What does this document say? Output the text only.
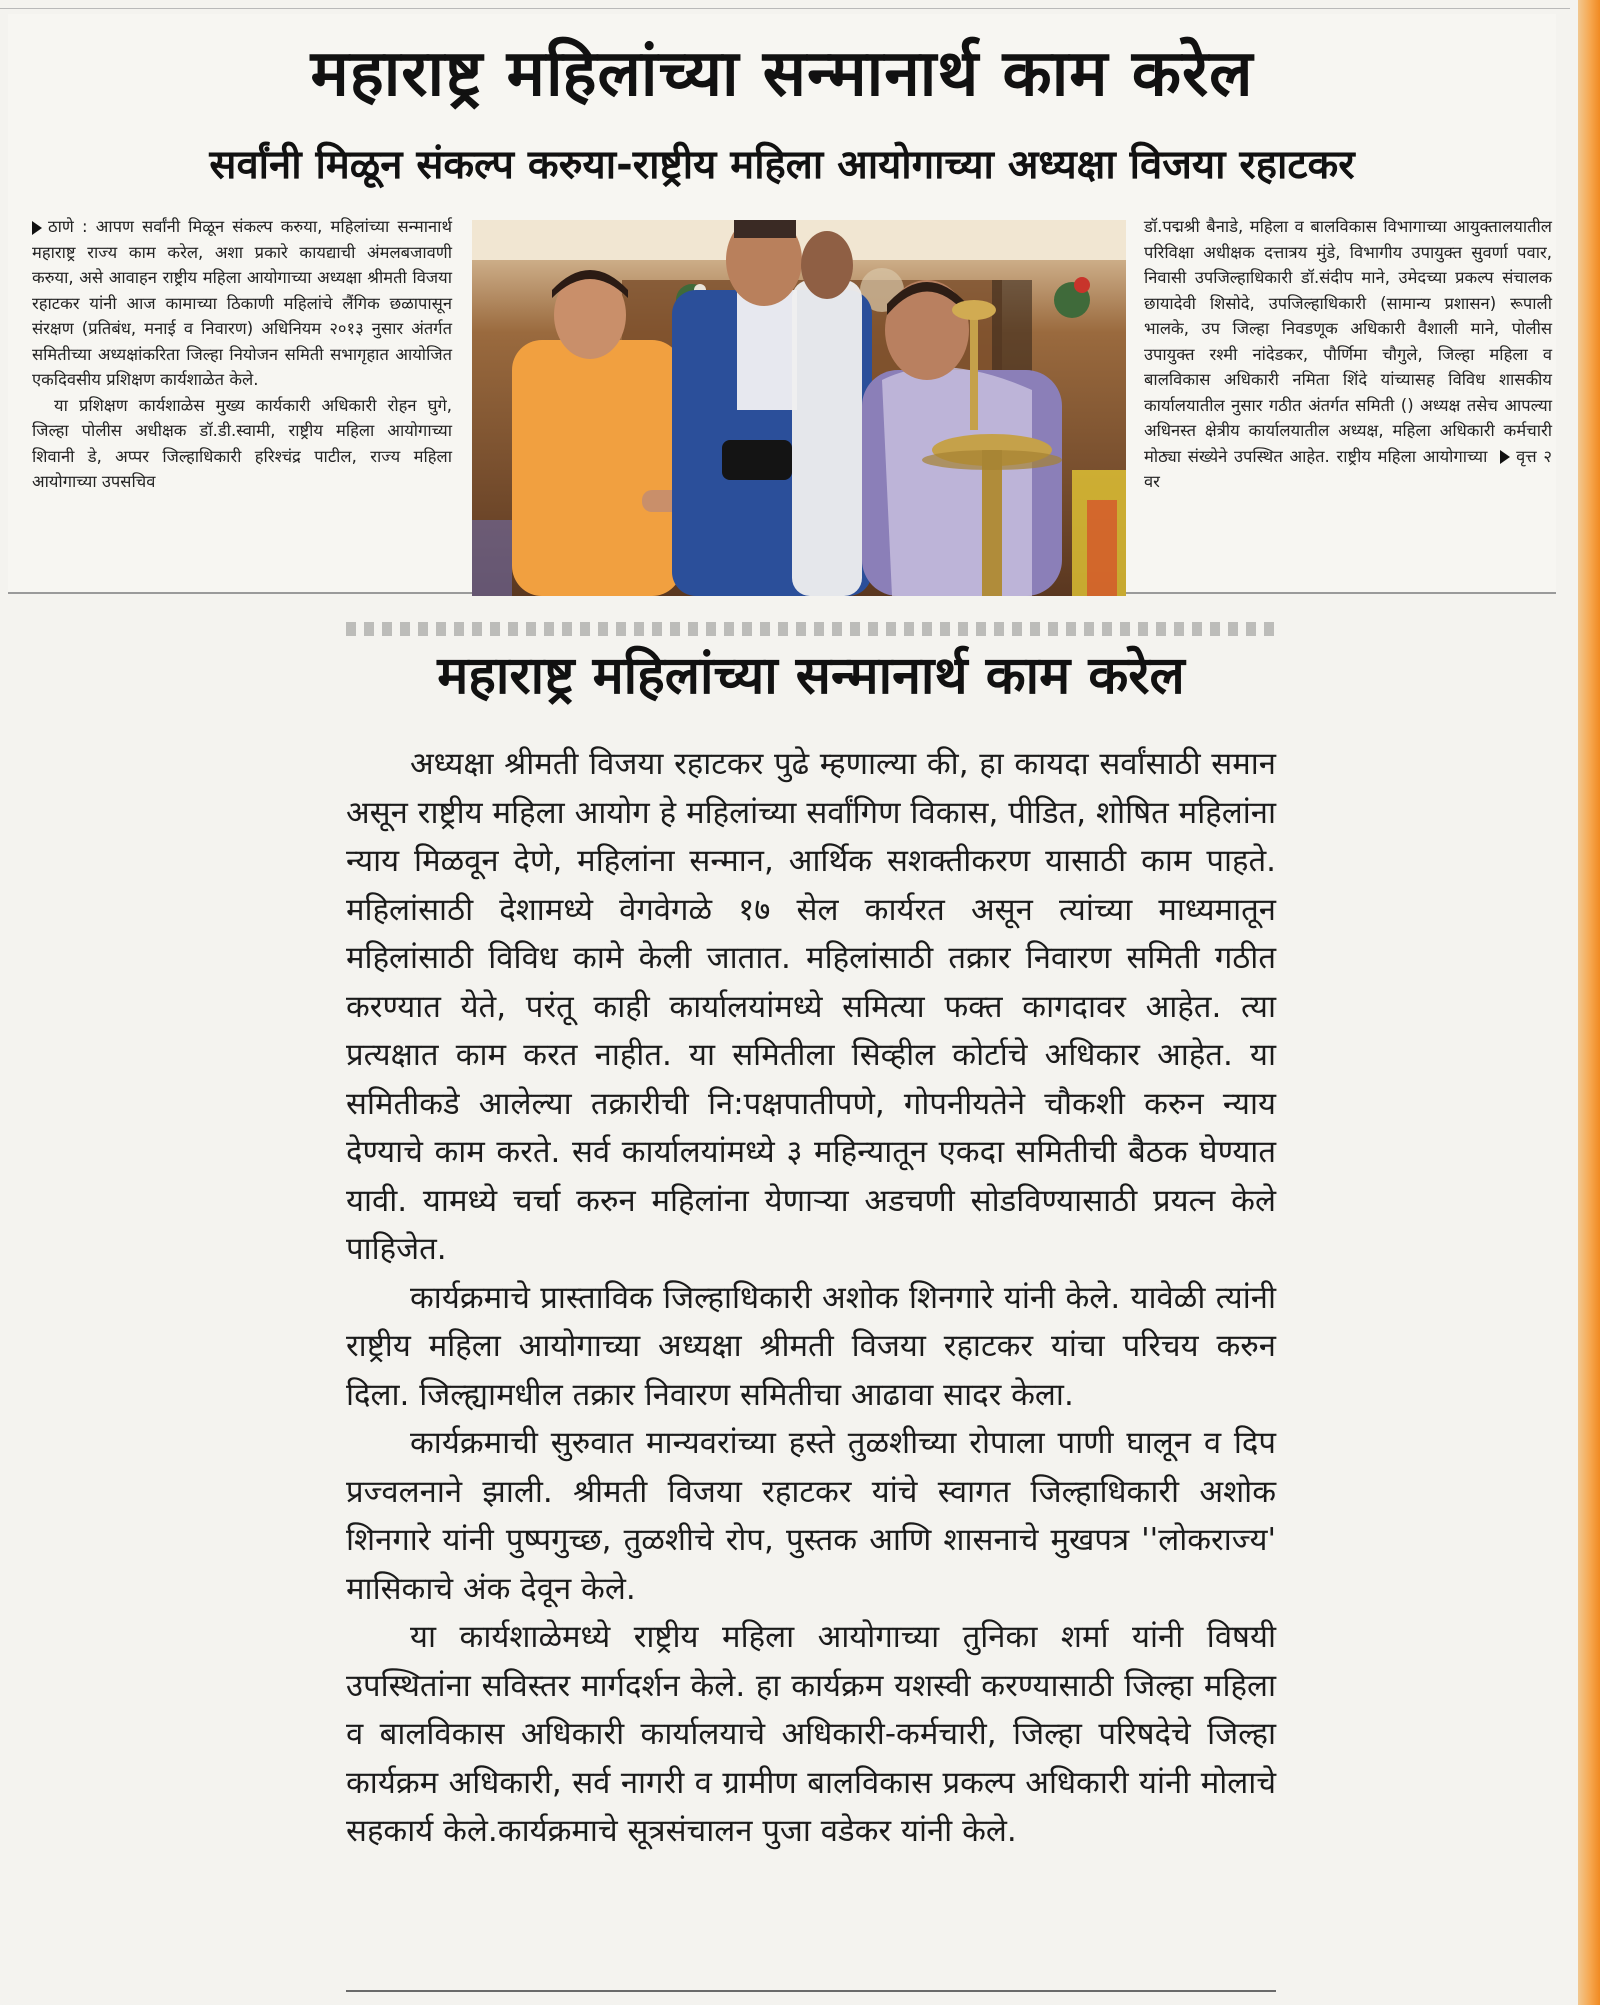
महाराष्ट्र महिलांच्या सन्मानार्थ काम करेल
सर्वांनी मिळून संकल्प करुया-राष्ट्रीय महिला आयोगाच्या अध्यक्षा विजया रहाटकर

ठाणे : आपण सर्वांनी मिळून संकल्प करुया, महिलांच्या सन्मानार्थ महाराष्ट्र राज्य काम करेल, अशा प्रकारे कायद्याची अंमलबजावणी करुया, असे आवाहन राष्ट्रीय महिला आयोगाच्या अध्यक्षा श्रीमती विजया रहाटकर यांनी आज कामाच्या ठिकाणी महिलांचे लैंगिक छळापासून संरक्षण (प्रतिबंध, मनाई व निवारण) अधिनियम २०१३ नुसार अंतर्गत समितीच्या अध्यक्षांकरिता जिल्हा नियोजन समिती सभागृहात आयोजित एकदिवसीय प्रशिक्षण कार्यशाळेत केले.

या प्रशिक्षण कार्यशाळेस मुख्य कार्यकारी अधिकारी रोहन घुगे, जिल्हा पोलीस अधीक्षक डॉ.डी.स्वामी, राष्ट्रीय महिला आयोगाच्या शिवानी डे, अप्पर जिल्हाधिकारी हरिश्चंद्र पाटील, राज्य महिला आयोगाच्या उपसचिव

डॉ.पद्मश्री बैनाडे, महिला व बालविकास विभागाच्या आयुक्तालयातील परिविक्षा अधीक्षक दत्तात्रय मुंडे, विभागीय उपायुक्त सुवर्णा पवार, निवासी उपजिल्हाधिकारी डॉ.संदीप माने, उमेदच्या प्रकल्प संचालक छायादेवी शिसोदे, उपजिल्हाधिकारी (सामान्य प्रशासन) रूपाली भालके, उप जिल्हा निवडणूक अधिकारी वैशाली माने, पोलीस उपायुक्त रश्मी नांदेडकर, पौर्णिमा चौगुले, जिल्हा महिला व बालविकास अधिकारी नमिता शिंदे यांच्यासह विविध शासकीय कार्यालयातील नुसार गठीत अंतर्गत समिती () अध्यक्ष तसेच आपल्या अधिनस्त क्षेत्रीय कार्यालयातील अध्यक्ष, महिला अधिकारी कर्मचारी मोठ्या संख्येने उपस्थित आहेत. राष्ट्रीय महिला आयोगाच्या वृत्त २ वर

महाराष्ट्र महिलांच्या सन्मानार्थ काम करेल

अध्यक्षा श्रीमती विजया रहाटकर पुढे म्हणाल्या की, हा कायदा सर्वांसाठी समान असून राष्ट्रीय महिला आयोग हे महिलांच्या सर्वांगिण विकास, पीडित, शोषित महिलांना न्याय मिळवून देणे, महिलांना सन्मान, आर्थिक सशक्तीकरण यासाठी काम पाहते. महिलांसाठी देशामध्ये वेगवेगळे १७ सेल कार्यरत असून त्यांच्या माध्यमातून महिलांसाठी विविध कामे केली जातात. महिलांसाठी तक्रार निवारण समिती गठीत करण्यात येते, परंतू काही कार्यालयांमध्ये समित्या फक्त कागदावर आहेत. त्या प्रत्यक्षात काम करत नाहीत. या समितीला सिव्हील कोर्टाचे अधिकार आहेत. या समितीकडे आलेल्या तक्रारीची नि:पक्षपातीपणे, गोपनीयतेने चौकशी करुन न्याय देण्याचे काम करते. सर्व कार्यालयांमध्ये ३ महिन्यातून एकदा समितीची बैठक घेण्यात यावी. यामध्ये चर्चा करुन महिलांना येणाऱ्या अडचणी सोडविण्यासाठी प्रयत्न केले पाहिजेत.

कार्यक्रमाचे प्रास्ताविक जिल्हाधिकारी अशोक शिनगारे यांनी केले. यावेळी त्यांनी राष्ट्रीय महिला आयोगाच्या अध्यक्षा श्रीमती विजया रहाटकर यांचा परिचय करुन दिला. जिल्ह्यामधील तक्रार निवारण समितीचा आढावा सादर केला.

कार्यक्रमाची सुरुवात मान्यवरांच्या हस्ते तुळशीच्या रोपाला पाणी घालून व दिप प्रज्वलनाने झाली. श्रीमती विजया रहाटकर यांचे स्वागत जिल्हाधिकारी अशोक शिनगारे यांनी पुष्पगुच्छ, तुळशीचे रोप, पुस्तक आणि शासनाचे मुखपत्र ''लोकराज्य' मासिकाचे अंक देवून केले.

या कार्यशाळेमध्ये राष्ट्रीय महिला आयोगाच्या तुनिका शर्मा यांनी विषयी उपस्थितांना सविस्तर मार्गदर्शन केले. हा कार्यक्रम यशस्वी करण्यासाठी जिल्हा महिला व बालविकास अधिकारी कार्यालयाचे अधिकारी-कर्मचारी, जिल्हा परिषदेचे जिल्हा कार्यक्रम अधिकारी, सर्व नागरी व ग्रामीण बालविकास प्रकल्प अधिकारी यांनी मोलाचे सहकार्य केले.कार्यक्रमाचे सूत्रसंचालन पुजा वडेकर यांनी केले.
